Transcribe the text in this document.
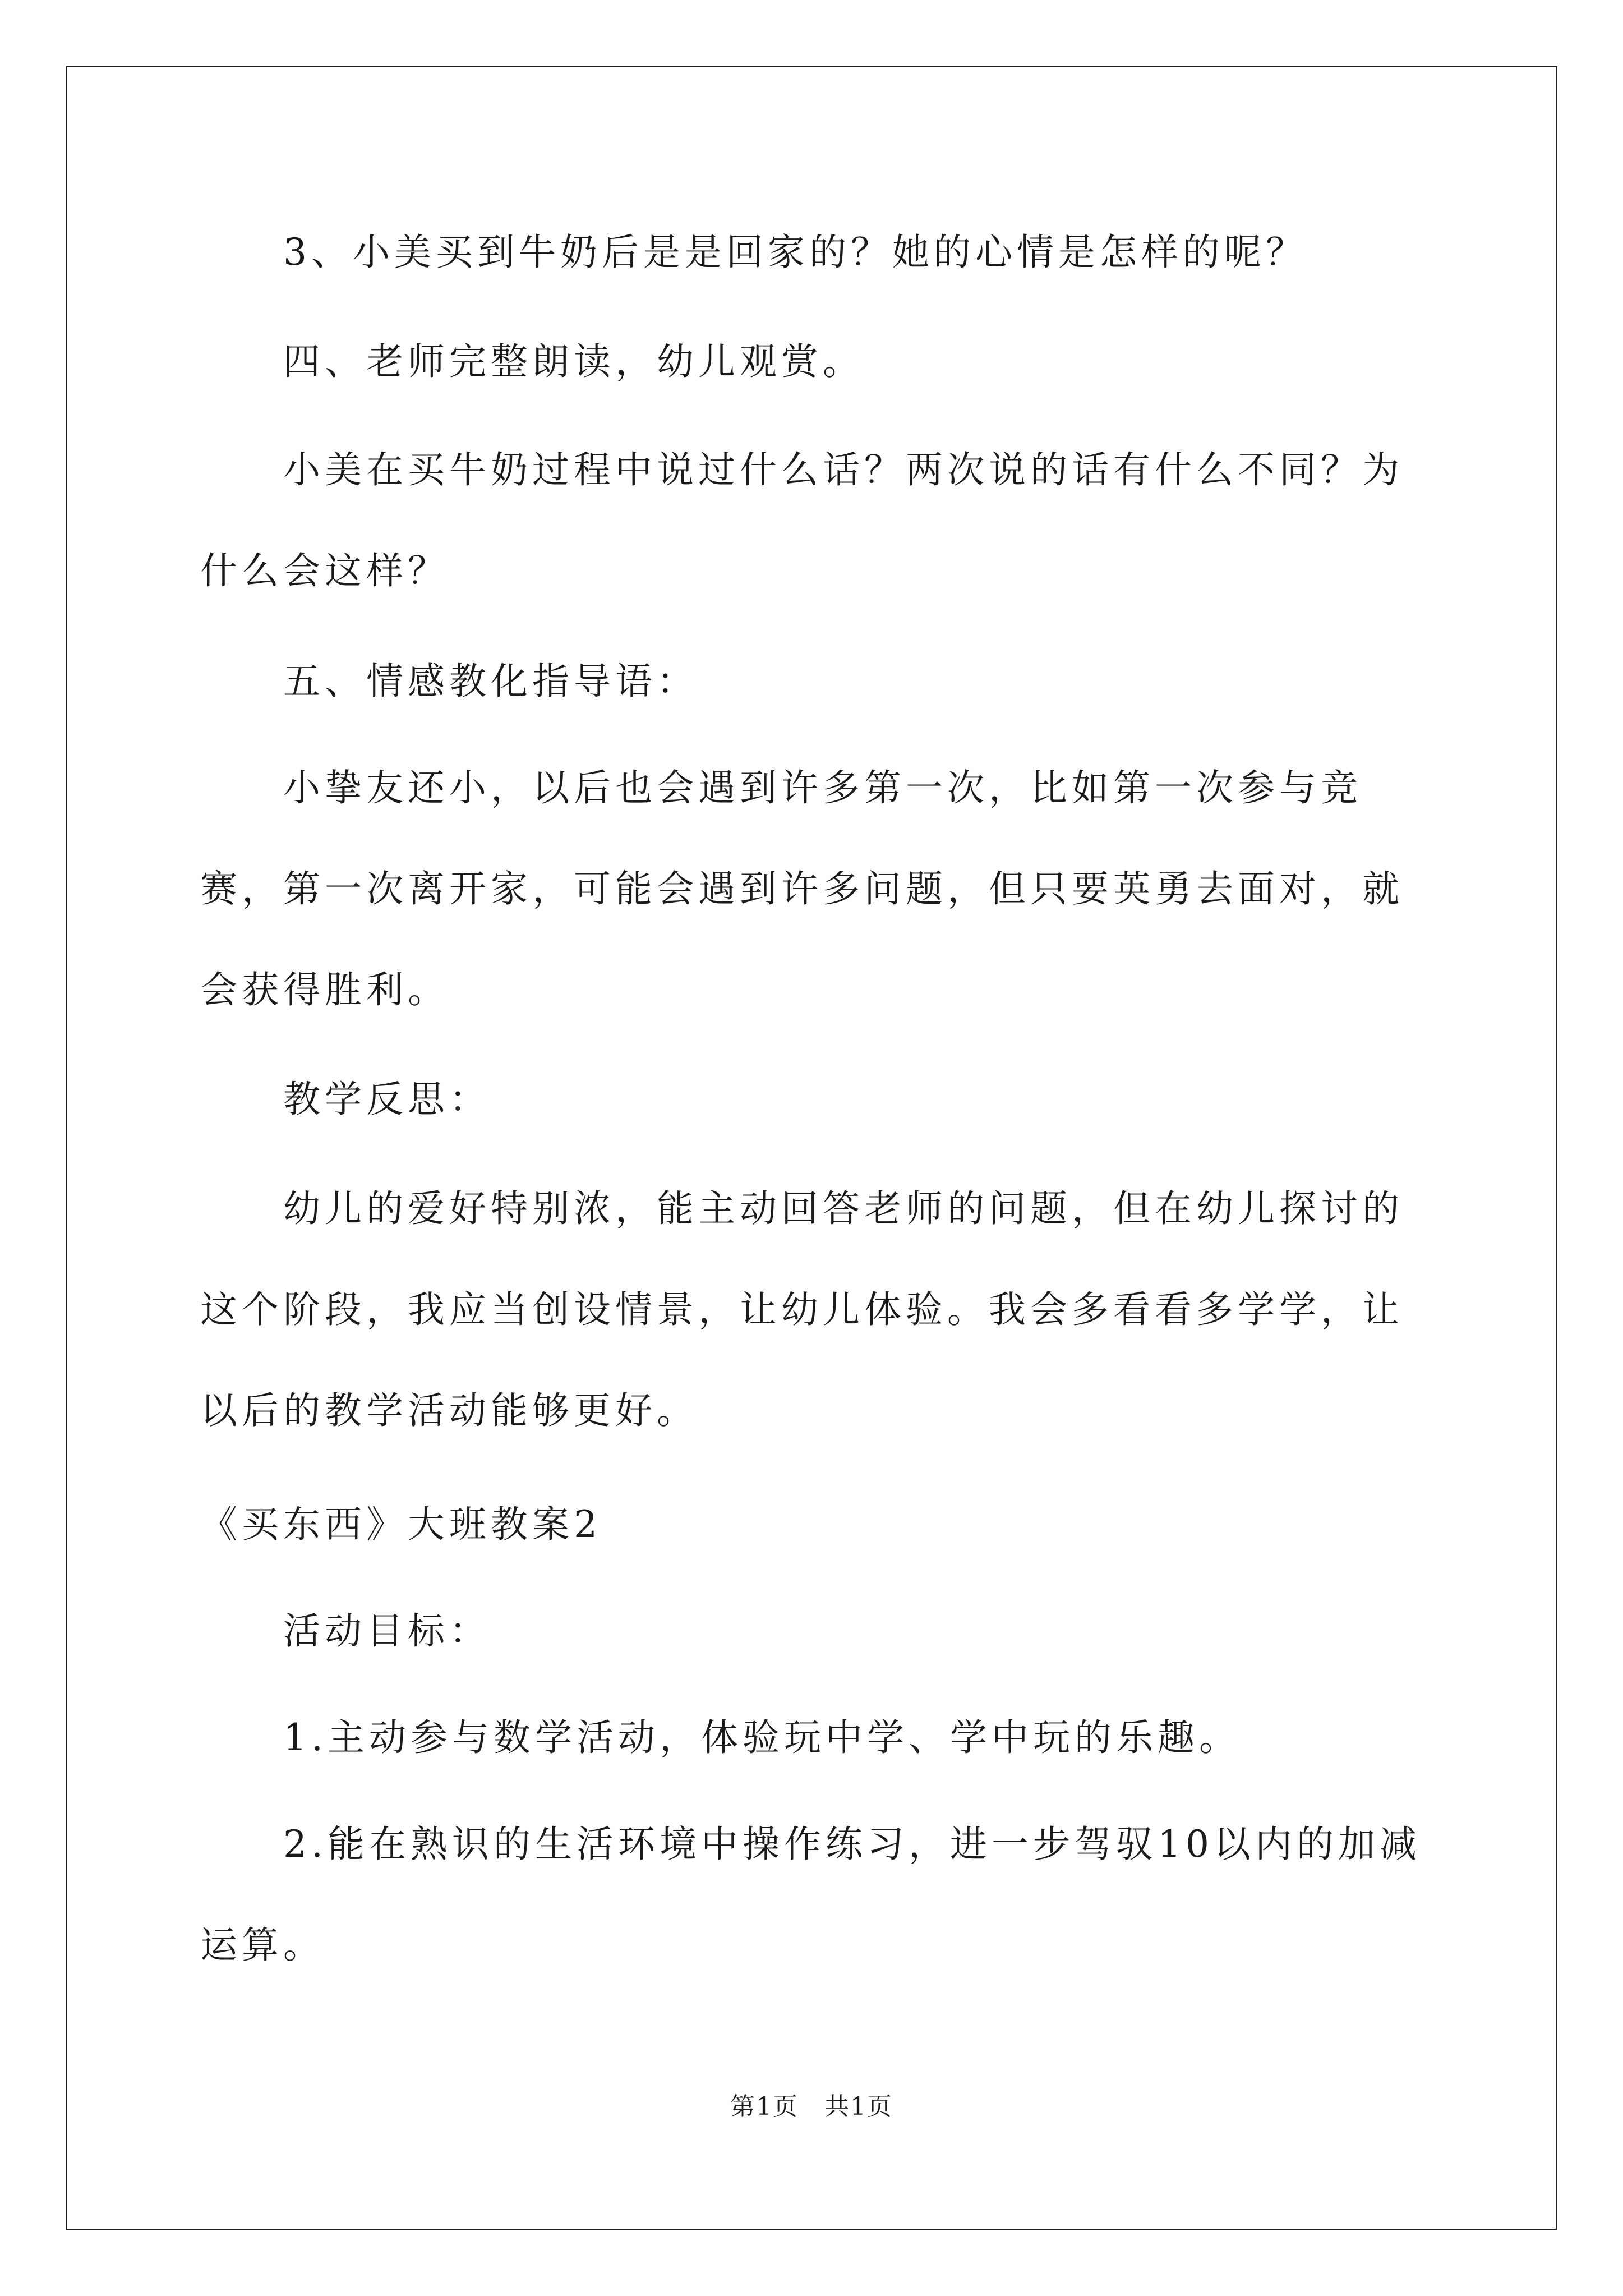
3、小美买到牛奶后是是回家的？她的心情是怎样的呢？

四、老师完整朗读，幼儿观赏。

小美在买牛奶过程中说过什么话？两次说的话有什么不同？为什么会这样？

五、情感教化指导语：

小挚友还小，以后也会遇到许多第一次，比如第一次参与竞赛，第一次离开家，可能会遇到许多问题，但只要英勇去面对，就会获得胜利。

教学反思：

幼儿的爱好特别浓，能主动回答老师的问题，但在幼儿探讨的这个阶段，我应当创设情景，让幼儿体验。我会多看看多学学，让以后的教学活动能够更好。

《买东西》大班教案2

活动目标：

1.主动参与数学活动，体验玩中学、学中玩的乐趣。

2.能在熟识的生活环境中操作练习，进一步驾驭10以内的加减运算。

第1页　共1页
